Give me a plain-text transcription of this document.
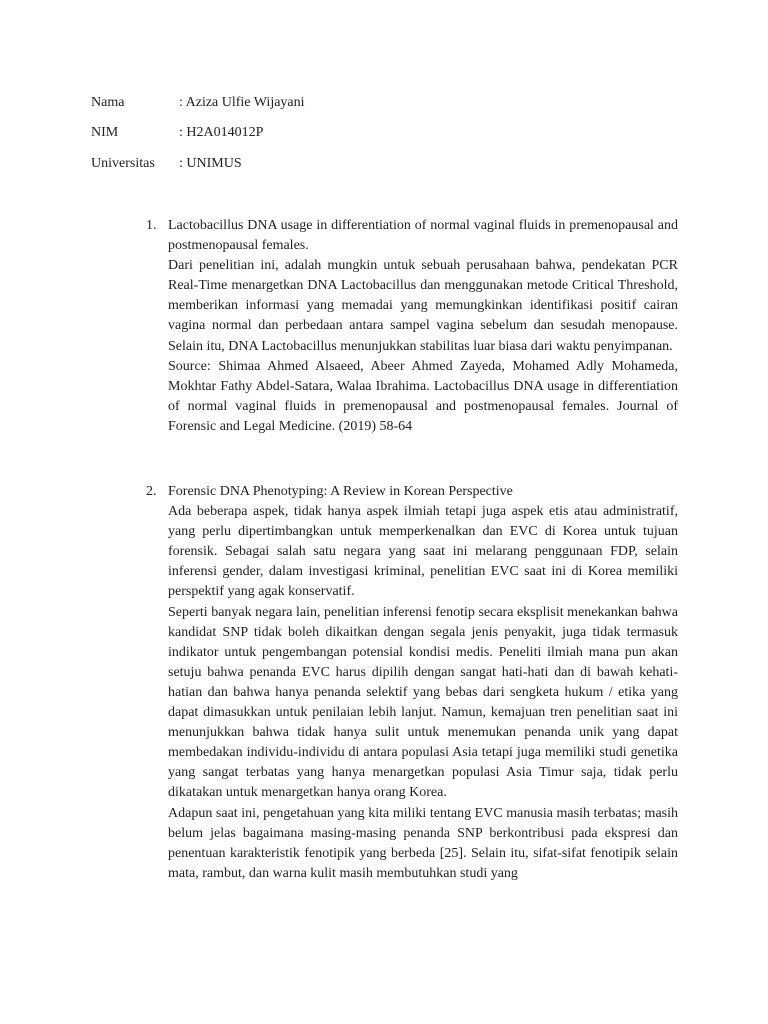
Nama	: Aziza Ulfie Wijayani
NIM	: H2A014012P
Universitas : UNIMUS
1. Lactobacillus DNA usage in differentiation of normal vaginal fluids in premenopausal and postmenopausal females.

Dari penelitian ini, adalah mungkin untuk sebuah perusahaan bahwa, pendekatan PCR Real-Time menargetkan DNA Lactobacillus dan menggunakan metode Critical Threshold, memberikan informasi yang memadai yang memungkinkan identifikasi positif cairan vagina normal dan perbedaan antara sampel vagina sebelum dan sesudah menopause. Selain itu, DNA Lactobacillus menunjukkan stabilitas luar biasa dari waktu penyimpanan.

Source: Shimaa Ahmed Alsaeed, Abeer Ahmed Zayeda, Mohamed Adly Mohameda, Mokhtar Fathy Abdel-Satara, Walaa Ibrahima. Lactobacillus DNA usage in differentiation of normal vaginal fluids in premenopausal and postmenopausal females. Journal of Forensic and Legal Medicine. (2019) 58-64

2. Forensic DNA Phenotyping: A Review in Korean Perspective

Ada beberapa aspek, tidak hanya aspek ilmiah tetapi juga aspek etis atau administratif, yang perlu dipertimbangkan untuk memperkenalkan dan EVC di Korea untuk tujuan forensik. Sebagai salah satu negara yang saat ini melarang penggunaan FDP, selain inferensi gender, dalam investigasi kriminal, penelitian EVC saat ini di Korea memiliki perspektif yang agak konservatif.

Seperti banyak negara lain, penelitian inferensi fenotip secara eksplisit menekankan bahwa kandidat SNP tidak boleh dikaitkan dengan segala jenis penyakit, juga tidak termasuk indikator untuk pengembangan potensial kondisi medis. Peneliti ilmiah mana pun akan setuju bahwa penanda EVC harus dipilih dengan sangat hati-hati dan di bawah kehati-hatian dan bahwa hanya penanda selektif yang bebas dari sengketa hukum / etika yang dapat dimasukkan untuk penilaian lebih lanjut. Namun, kemajuan tren penelitian saat ini menunjukkan bahwa tidak hanya sulit untuk menemukan penanda unik yang dapat membedakan individu-individu di antara populasi Asia tetapi juga memiliki studi genetika yang sangat terbatas yang hanya menargetkan populasi Asia Timur saja, tidak perlu dikatakan untuk menargetkan hanya orang Korea.

Adapun saat ini, pengetahuan yang kita miliki tentang EVC manusia masih terbatas; masih belum jelas bagaimana masing-masing penanda SNP berkontribusi pada ekspresi dan penentuan karakteristik fenotipik yang berbeda [25]. Selain itu, sifat-sifat fenotipik selain mata, rambut, dan warna kulit masih membutuhkan studi yang
